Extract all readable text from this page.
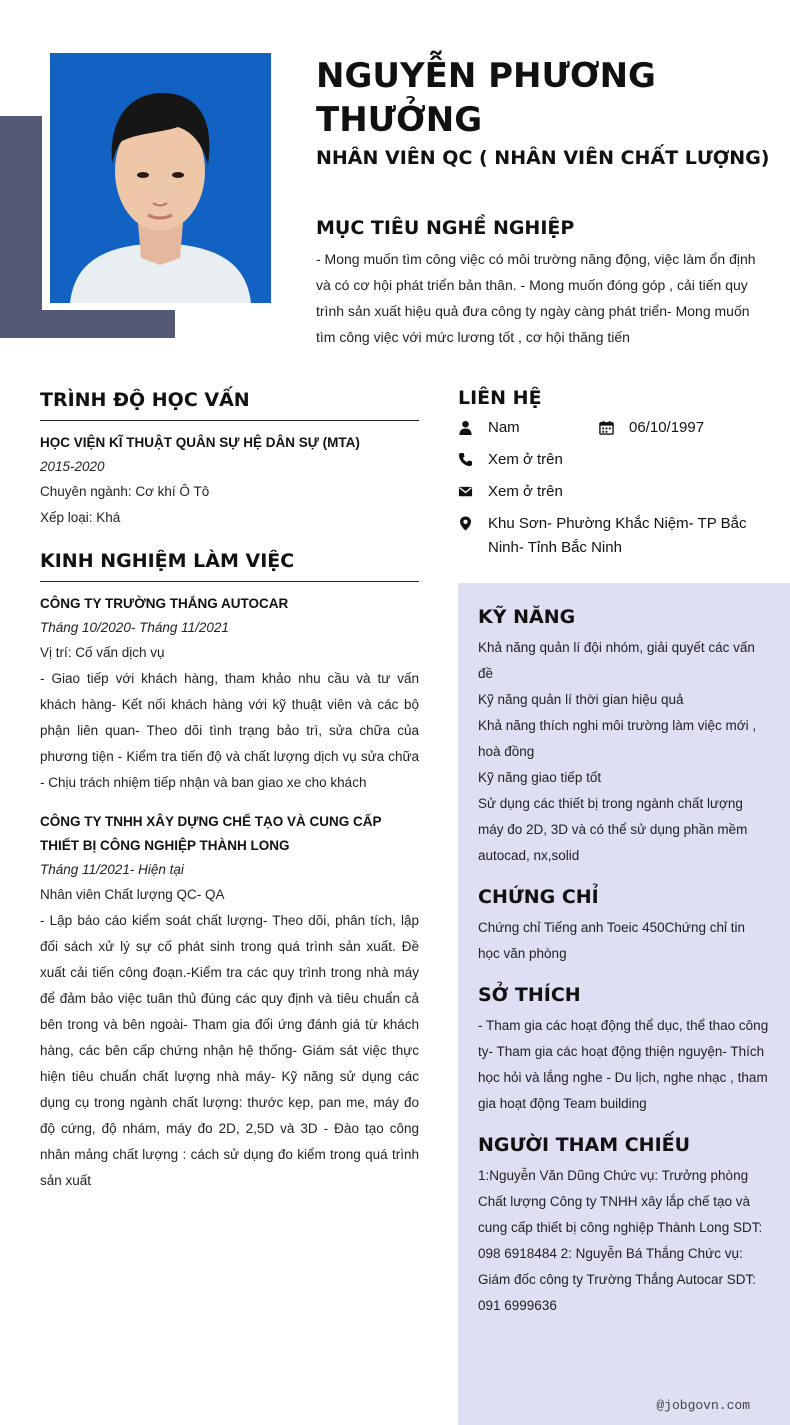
NGUYỄN PHƯƠNG THƯỞNG
NHÂN VIÊN QC ( NHÂN VIÊN CHẤT LƯỢNG)
MỤC TIÊU NGHỀ NGHIỆP
- Mong muốn tìm công việc có môi trường năng động, việc làm ổn định và có cơ hội phát triển bản thân. - Mong muốn đóng góp , cải tiến quy trình sản xuất hiệu quả đưa công ty ngày càng phát triển- Mong muốn tìm công việc với mức lương tốt , cơ hội thăng tiến
TRÌNH ĐỘ HỌC VẤN
HỌC VIỆN KĨ THUẬT QUÂN SỰ HỆ DÂN SỰ (MTA)
2015-2020
Chuyên ngành: Cơ khí Ô Tô
Xếp loại: Khá
KINH NGHIỆM LÀM VIỆC
CÔNG TY TRƯỜNG THẮNG AUTOCAR
Tháng 10/2020- Tháng 11/2021
Vị trí: Cố vấn dịch vụ
- Giao tiếp với khách hàng, tham khảo nhu cầu và tư vấn khách hàng- Kết nối khách hàng với kỹ thuật viên và các bộ phận liên quan- Theo dõi tình trạng bảo trì, sửa chữa của phương tiện - Kiểm tra tiến độ và chất lượng dịch vụ sửa chữa - Chịu trách nhiệm tiếp nhận và ban giao xe cho khách
CÔNG TY TNHH XÂY DỰNG CHẾ TẠO VÀ CUNG CẤP THIẾT BỊ CÔNG NGHIỆP THÀNH LONG
Tháng 11/2021- Hiện tại
Nhân viên Chất lượng QC- QA
- Lập báo cáo kiểm soát chất lượng- Theo dõi, phân tích, lập đối sách xử lý sự cố phát sinh trong quá trình sản xuất. Đề xuất cải tiến công đoạn.-Kiểm tra các quy trình trong nhà máy để đảm bảo việc tuân thủ đúng các quy định và tiêu chuẩn cả bên trong và bên ngoài- Tham gia đối ứng đánh giá từ khách hàng, các bên cấp chứng nhận hệ thống- Giám sát việc thực hiện tiêu chuẩn chất lượng nhà máy- Kỹ năng sử dụng các dụng cụ trong ngành chất lượng: thước kẹp, pan me, máy đo độ cứng, độ nhám, máy đo 2D, 2,5D và 3D - Đào tạo công nhân mảng chất lượng : cách sử dụng đo kiểm trong quá trình sản xuất
LIÊN HỆ
Nam	06/10/1997
Xem ở trên
Xem ở trên
Khu Sơn- Phường Khắc Niệm- TP Bắc Ninh- Tỉnh Bắc Ninh
KỸ NĂNG
Khả năng quản lí đội nhóm, giải quyết các vấn đề
Kỹ năng quản lí thời gian hiệu quả
Khả năng thích nghi môi trường làm việc mới , hoà đồng
Kỹ năng giao tiếp tốt
Sử dụng các thiết bị trong ngành chất lượng máy đo 2D, 3D và có thể sử dụng phần mềm autocad, nx,solid
CHỨNG CHỈ
Chứng chỉ Tiếng anh Toeic 450Chứng chỉ tin học văn phòng
SỞ THÍCH
- Tham gia các hoạt động thể dục, thể thao công ty- Tham gia các hoạt động thiện nguyện- Thích học hỏi và lắng nghe - Du lịch, nghe nhạc , tham gia hoạt động Team building
NGƯỜI THAM CHIẾU
1:Nguyễn Văn Dũng Chức vụ: Trưởng phòng Chất lượng Công ty TNHH xây lắp chế tạo và cung cấp thiết bị công nghiệp Thành Long SDT: 098 6918484 2: Nguyễn Bá Thắng Chức vụ: Giám đốc công ty Trường Thắng Autocar SDT: 091 6999636
@jobgovn.com
